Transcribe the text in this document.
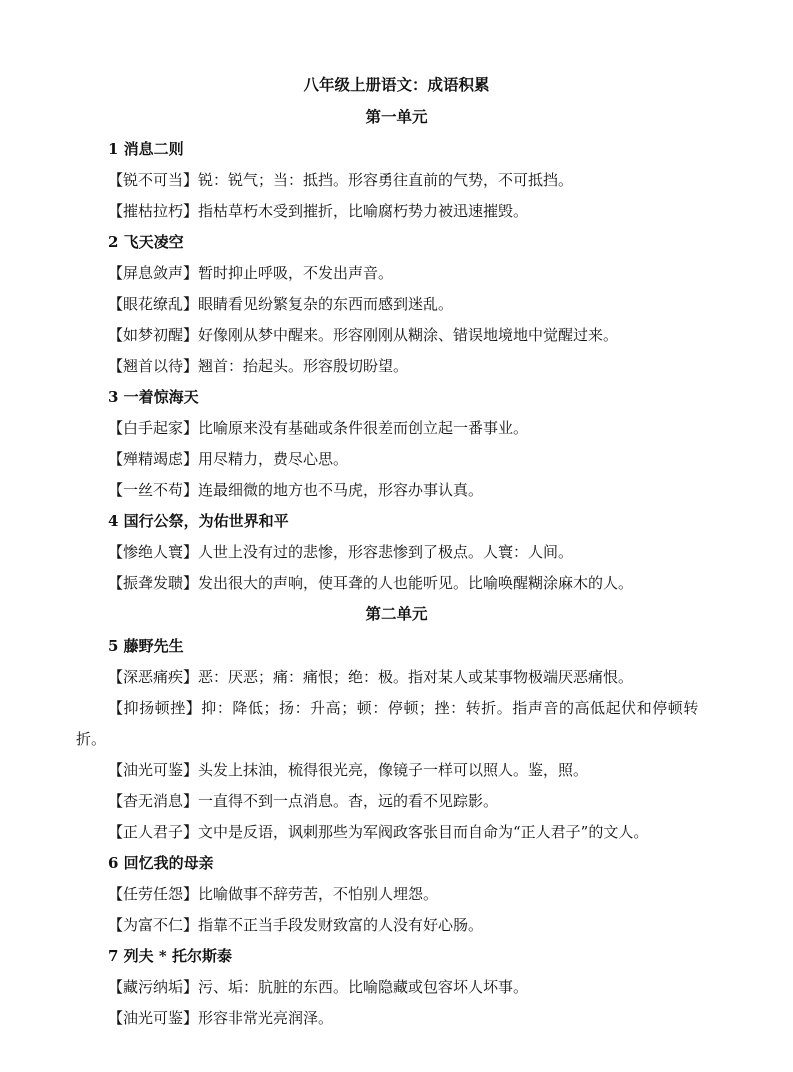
八年级上册语文：成语积累
第一单元
1 消息二则
【锐不可当】锐：锐气；当：抵挡。形容勇往直前的气势，不可抵挡。
【摧枯拉朽】指枯草朽木受到摧折，比喻腐朽势力被迅速摧毁。
2 飞天凌空
【屏息敛声】暂时抑止呼吸，不发出声音。
【眼花缭乱】眼睛看见纷繁复杂的东西而感到迷乱。
【如梦初醒】好像刚从梦中醒来。形容刚刚从糊涂、错误地境地中觉醒过来。
【翘首以待】翘首：抬起头。形容殷切盼望。
3 一着惊海天
【白手起家】比喻原来没有基础或条件很差而创立起一番事业。
【殚精竭虑】用尽精力，费尽心思。
【一丝不苟】连最细微的地方也不马虎，形容办事认真。
4 国行公祭，为佑世界和平
【惨绝人寰】人世上没有过的悲惨，形容悲惨到了极点。人寰：人间。
【振聋发聩】发出很大的声响，使耳聋的人也能听见。比喻唤醒糊涂麻木的人。
第二单元
5 藤野先生
【深恶痛疾】恶：厌恶；痛：痛恨；绝：极。指对某人或某事物极端厌恶痛恨。
【抑扬顿挫】抑：降低；扬：升高；顿：停顿；挫：转折。指声音的高低起伏和停顿转
折。
【油光可鉴】头发上抹油，梳得很光亮，像镜子一样可以照人。鉴，照。
【杳无消息】一直得不到一点消息。杳，远的看不见踪影。
【正人君子】文中是反语，讽刺那些为军阀政客张目而自命为“正人君子”的文人。
6 回忆我的母亲
【任劳任怨】比喻做事不辞劳苦，不怕别人埋怨。
【为富不仁】指靠不正当手段发财致富的人没有好心肠。
7 列夫 * 托尔斯泰
【藏污纳垢】污、垢：肮脏的东西。比喻隐藏或包容坏人坏事。
【油光可鉴】形容非常光亮润泽。
